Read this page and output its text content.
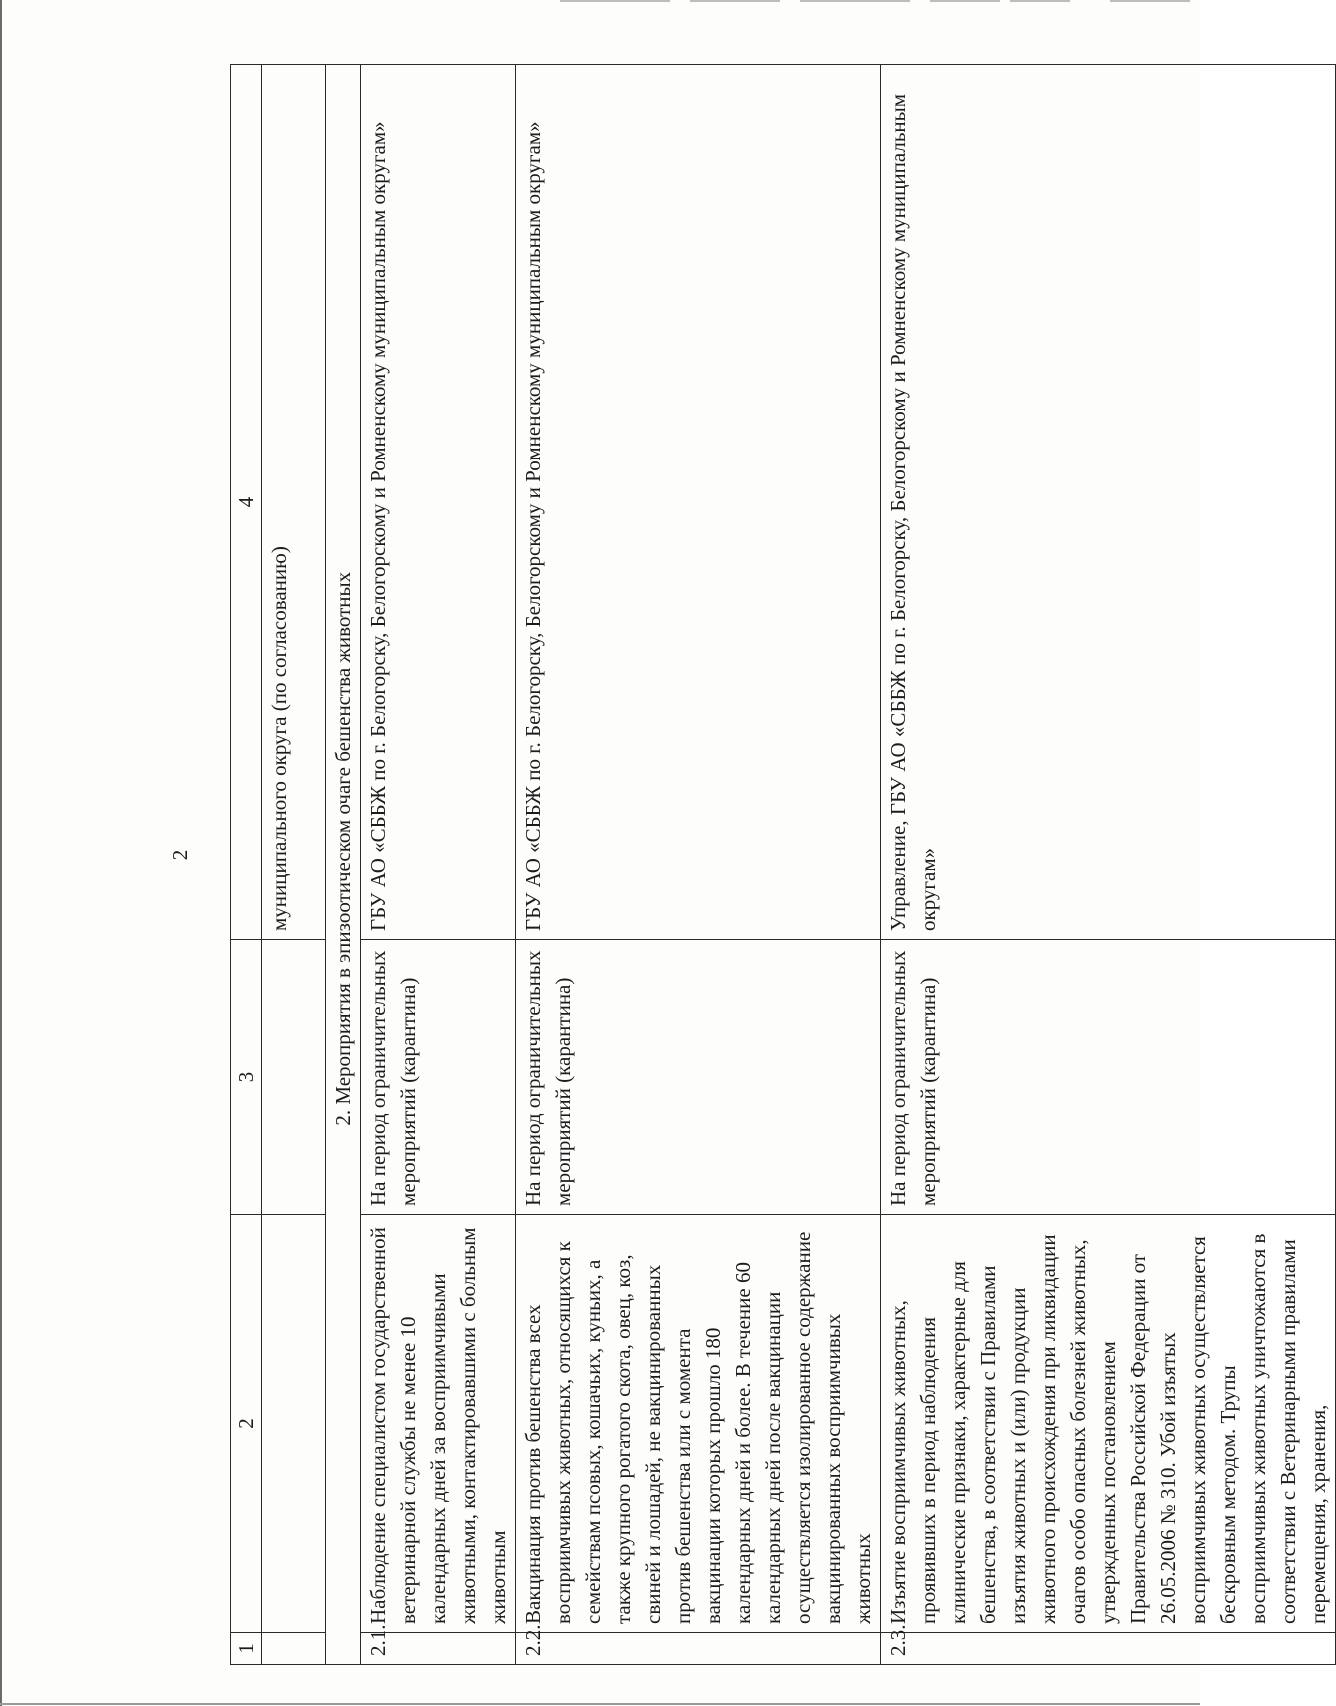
2
1	2	3	4
			муниципального округа (по согласованию)
	2. Мероприятия в эпизоотическом очаге бешенства животных		
2.1.	Наблюдение специалистом государственной ветеринарной службы не менее 10 календарных дней за восприимчивыми животными, контактировавшими с больным животным	На период ограничительных мероприятий (карантина)	ГБУ АО «СББЖ по г. Белогорску, Белогорскому и Ромненскому муниципальным округам»
2.2.	Вакцинация против бешенства всех восприимчивых животных, относящихся к семействам псовых, кошачьих, куньих, а также крупного рогатого скота, овец, коз, свиней и лошадей, не вакцинированных против бешенства или с момента вакцинации которых прошло 180 календарных дней и более. В течение 60 календарных дней после вакцинации осуществляется изолированное содержание вакцинированных восприимчивых животных	На период ограничительных мероприятий (карантина)	ГБУ АО «СББЖ по г. Белогорску, Белогорскому и Ромненскому муниципальным округам»
2.3.	Изъятие восприимчивых животных, проявивших в период наблюдения клинические признаки, характерные для бешенства, в соответствии с Правилами изъятия животных и (или) продукции животного происхождения при ликвидации очагов особо опасных болезней животных, утвержденных постановлением Правительства Российской Федерации от 26.05.2006 № 310. Убой изъятых восприимчивых животных осуществляется бескровным методом. Трупы восприимчивых животных уничтожаются в соответствии с Ветеринарными правилами перемещения, хранения,	На период ограничительных мероприятий (карантина)	Управление, ГБУ АО «СББЖ по г. Белогорску, Белогорскому и Ромненскому муниципальным округам»
